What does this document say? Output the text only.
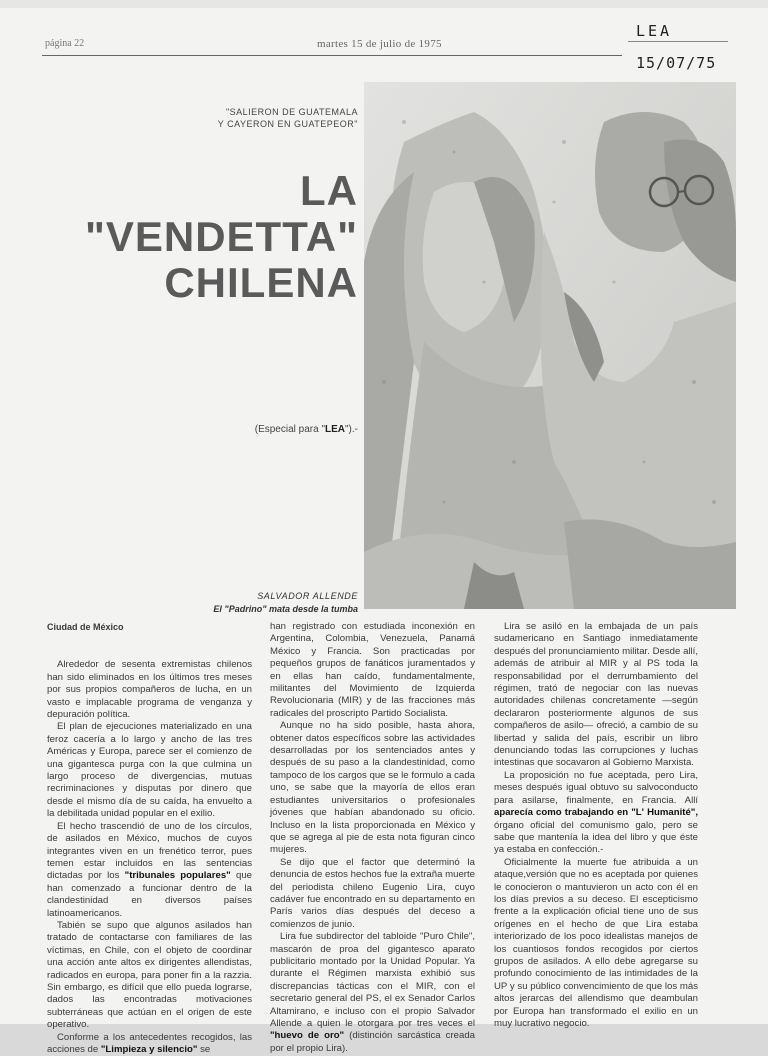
página 22	martes 15 de julio de 1975
LEA
15/07/75
"SALIERON DE GUATEMALA
Y CAYERON EN GUATEPEOR"
LA
"VENDETTA"
CHILENA
(Especial para "LEA").-
SALVADOR ALLENDE
El "Padrino" mata desde la tumba

Ciudad de México

Alrededor de sesenta extremistas chilenos han sido eliminados en los últimos tres meses por sus propios compañeros de lucha, en un vasto e implacable programa de venganza y depuración política.

El plan de ejecuciones materializado en una feroz cacería a lo largo y ancho de las tres Américas y Europa, parece ser el comienzo de una gigantesca purga con la que culmina un largo proceso de divergencias, mutuas recriminaciones y disputas por dinero que desde el mismo día de su caída, ha envuelto a la debilitada unidad popular en el exilio.

El hecho trascendió de uno de los círculos, de asilados en México, muchos de cuyos integrantes viven en un frenético terror, pues temen estar incluidos en las sentencias dictadas por los "tribunales populares" que han comenzado a funcionar dentro de la clandestinidad en diversos países latinoamericanos.

Tabién se supo que algunos asilados han tratado de contactarse con familiares de las víctimas, en Chile, con el objeto de coordinar una acción ante altos ex dirigentes allendistas, radicados en europa, para poner fin a la razzia. Sin embargo, es difícil que ello pueda lograrse, dados las encontradas motivaciones subterráneas que actúan en el origen de este operativo.

Conforme a los antecedentes recogidos, las acciones de "Limpieza y silencio" se

han registrado con estudiada inconexión en Argentina, Colombia, Venezuela, Panamá México y Francia. Son practicadas por pequeños grupos de fanáticos juramentados y en ellas han caído, fundamentalmente, militantes del Movimiento de Izquierda Revolucionaria (MIR) y de las fracciones más radicales del proscripto Partido Socialista.

Aunque no ha sido posible, hasta ahora, obtener datos específicos sobre las actividades desarrolladas por los sentenciados antes y después de su paso a la clandestinidad, como tampoco de los cargos que se le formulo a cada uno, se sabe que la mayoría de ellos eran estudiantes universitarios o profesionales jóvenes que habían abandonado su oficio. Incluso en la lista proporcionada en México y que se agrega al pie de esta nota figuran cinco mujeres.

Se dijo que el factor que determinó la denuncia de estos hechos fue la extraña muerte del periodista chileno Eugenio Lira, cuyo cadáver fue encontrado en su departamento en París varios días después del deceso a comienzos de junio.

Lira fue subdirector del tabloide "Puro Chile", mascarón de proa del gigantesco aparato publicitario montado por la Unidad Popular. Ya durante el Régimen marxista exhibió sus discrepancias tácticas con el MIR, con el secretario general del PS, el ex Senador Carlos Altamirano, e incluso con el propio Salvador Allende a quien le otorgara por tres veces el "huevo de oro" (distinción sarcástica creada por el propio Lira).

Lira se asiló en la embajada de un país sudamericano en Santiago inmediatamente después del pronunciamiento militar. Desde allí, además de atribuir al MIR y al PS toda la responsabilidad por el derrumbamiento del régimen, trató de negociar con las nuevas autoridades chilenas concretamente —según declararon posteriormente algunos de sus compañeros de asilo— ofreció, a cambio de su libertad y salida del país, escribir un libro denunciando todas las corrupciones y luchas intestinas que socavaron al Gobierno Marxista.

La proposición no fue aceptada, pero Lira, meses después igual obtuvo su salvoconducto para asilarse, finalmente, en Francia. Allí aparecía como trabajando en "L' Humanité", órgano oficial del comunismo galo, pero se sabe que mantenía la idea del libro y que éste ya estaba en confección.-

Oficialmente la muerte fue atribuida a un ataque,versión que no es aceptada por quienes le conocieron o mantuvieron un acto con él en los días previos a su deceso. El escepticismo frente a la explicación oficial tiene uno de sus orígenes en el hecho de que Lira estaba interiorizado de los poco idealistas manejos de los cuantiosos fondos recogidos por ciertos grupos de asilados. A ello debe agregarse su profundo conocimiento de las intimidades de la UP y su público convencimiento de que los más altos jerarcas del allendismo que deambulan por Europa han transformado el exilio en un muy lucrativo negocio.
